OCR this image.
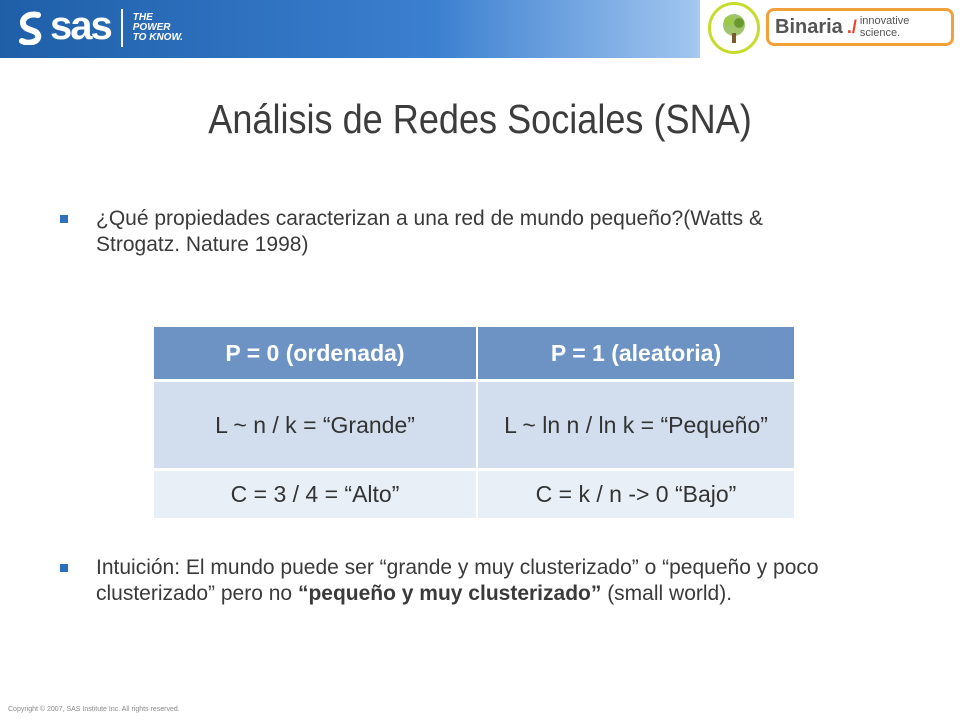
sas THE
POWER
TO KNOW.	Binaria ./ innovative science.
Análisis de Redes Sociales (SNA)
¿Qué propiedades caracterizan a una red de mundo pequeño?(Watts & Strogatz. Nature 1998)
P = 0 (ordenada)	P = 1 (aleatoria)
L ~ n / k = “Grande”	L ~ ln n / ln k = “Pequeño”
C = 3 / 4 = “Alto”	C = k / n -> 0 “Bajo”
Intuición: El mundo puede ser “grande y muy clusterizado” o “pequeño y poco clusterizado” pero no “pequeño y muy clusterizado” (small world).
Copyright © 2007, SAS Institute Inc. All rights reserved.
